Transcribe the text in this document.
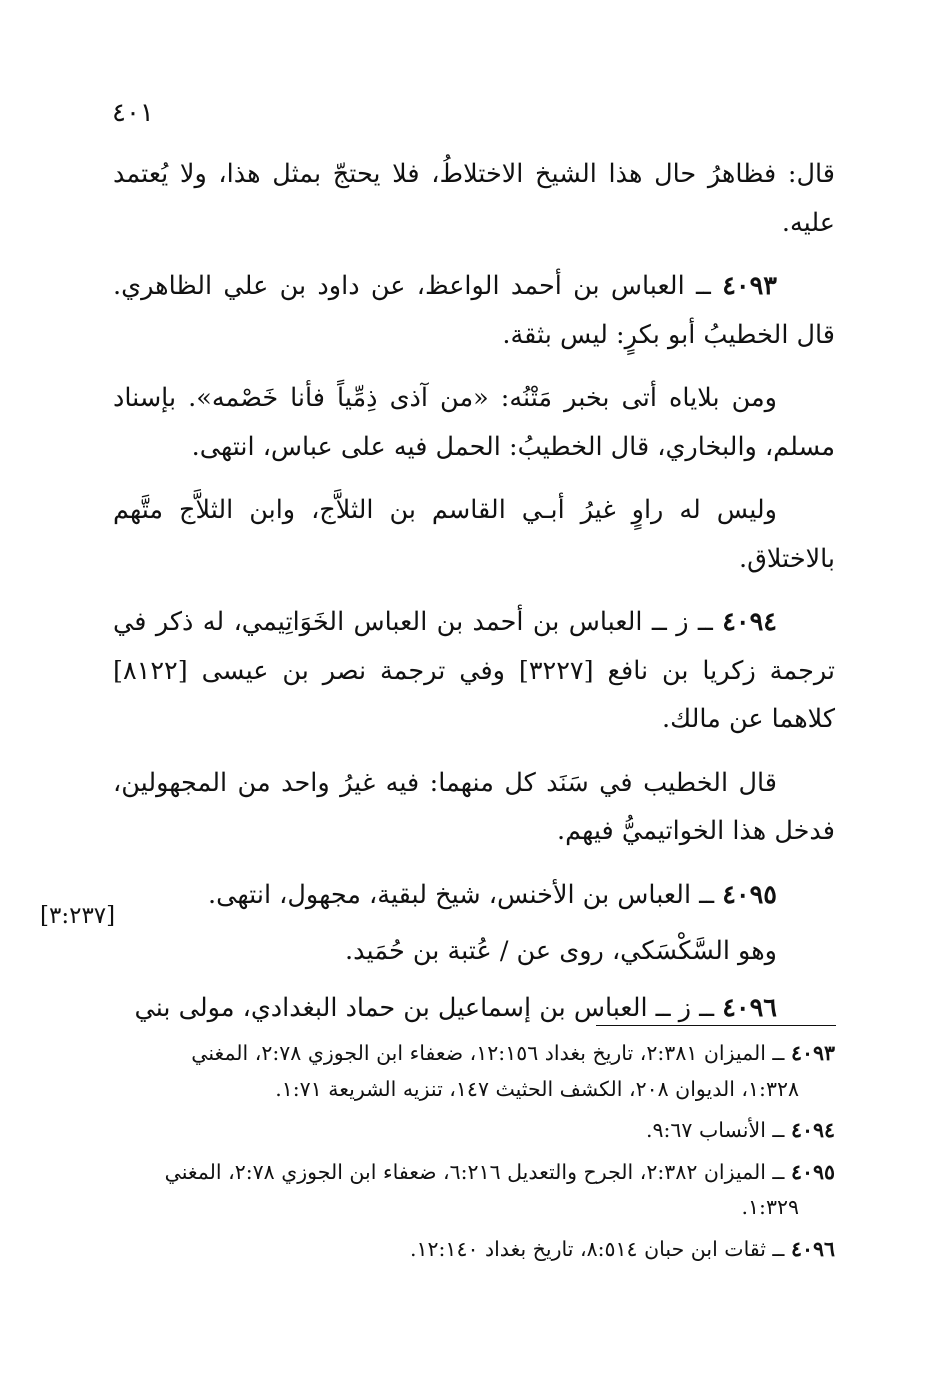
٤٠١

قال: فظاهرُ حال هذا الشيخ الاختلاطُ، فلا يحتجّ بمثل هذا، ولا يُعتمد عليه.

٤٠٩٣ ــ العباس بن أحمد الواعظ، عن داود بن علي الظاهري. قال الخطيبُ أبو بكرٍ: ليس بثقة.

ومن بلاياه أتى بخبر مَتْنُه: «من آذى ذِمِّياً فأنا خَصْمه». بإسناد مسلم، والبخاري، قال الخطيبُ: الحمل فيه على عباس، انتهى.

وليس له راوٍ غيرُ أبـي القاسم بن الثلاَّج، وابن الثلاَّج متَّهم بالاختلاق.

٤٠٩٤ ــ ز ــ العباس بن أحمد بن العباس الخَوَاتِيمي، له ذكر في ترجمة زكريا بن نافع [٣٢٢٧] وفي ترجمة نصر بن عيسى [٨١٢٢] كلاهما عن مالك.

قال الخطيب في سَنَد كل منهما: فيه غيرُ واحد من المجهولين، فدخل هذا الخواتيميُّ فيهم.

٤٠٩٥ ــ العباس بن الأخنس، شيخ لبقية، مجهول، انتهى.

وهو السَّكْسَكي، روى عن / عُتبة بن حُمَيد.

٤٠٩٦ ــ ز ــ العباس بن إسماعيل بن حماد البغدادي، مولى بني

[٣:٢٣٧]
٤٠٩٣ ــ الميزان ٢:٣٨١، تاريخ بغداد ١٢:١٥٦، ضعفاء ابن الجوزي ٢:٧٨، المغني
١:٣٢٨، الديوان ٢٠٨، الكشف الحثيث ١٤٧، تنزيه الشريعة ١:٧١.
٤٠٩٤ ــ الأنساب ٩:٦٧.
٤٠٩٥ ــ الميزان ٢:٣٨٢، الجرح والتعديل ٦:٢١٦، ضعفاء ابن الجوزي ٢:٧٨، المغني
١:٣٢٩.
٤٠٩٦ ــ ثقات ابن حبان ٨:٥١٤، تاريخ بغداد ١٢:١٤٠.
